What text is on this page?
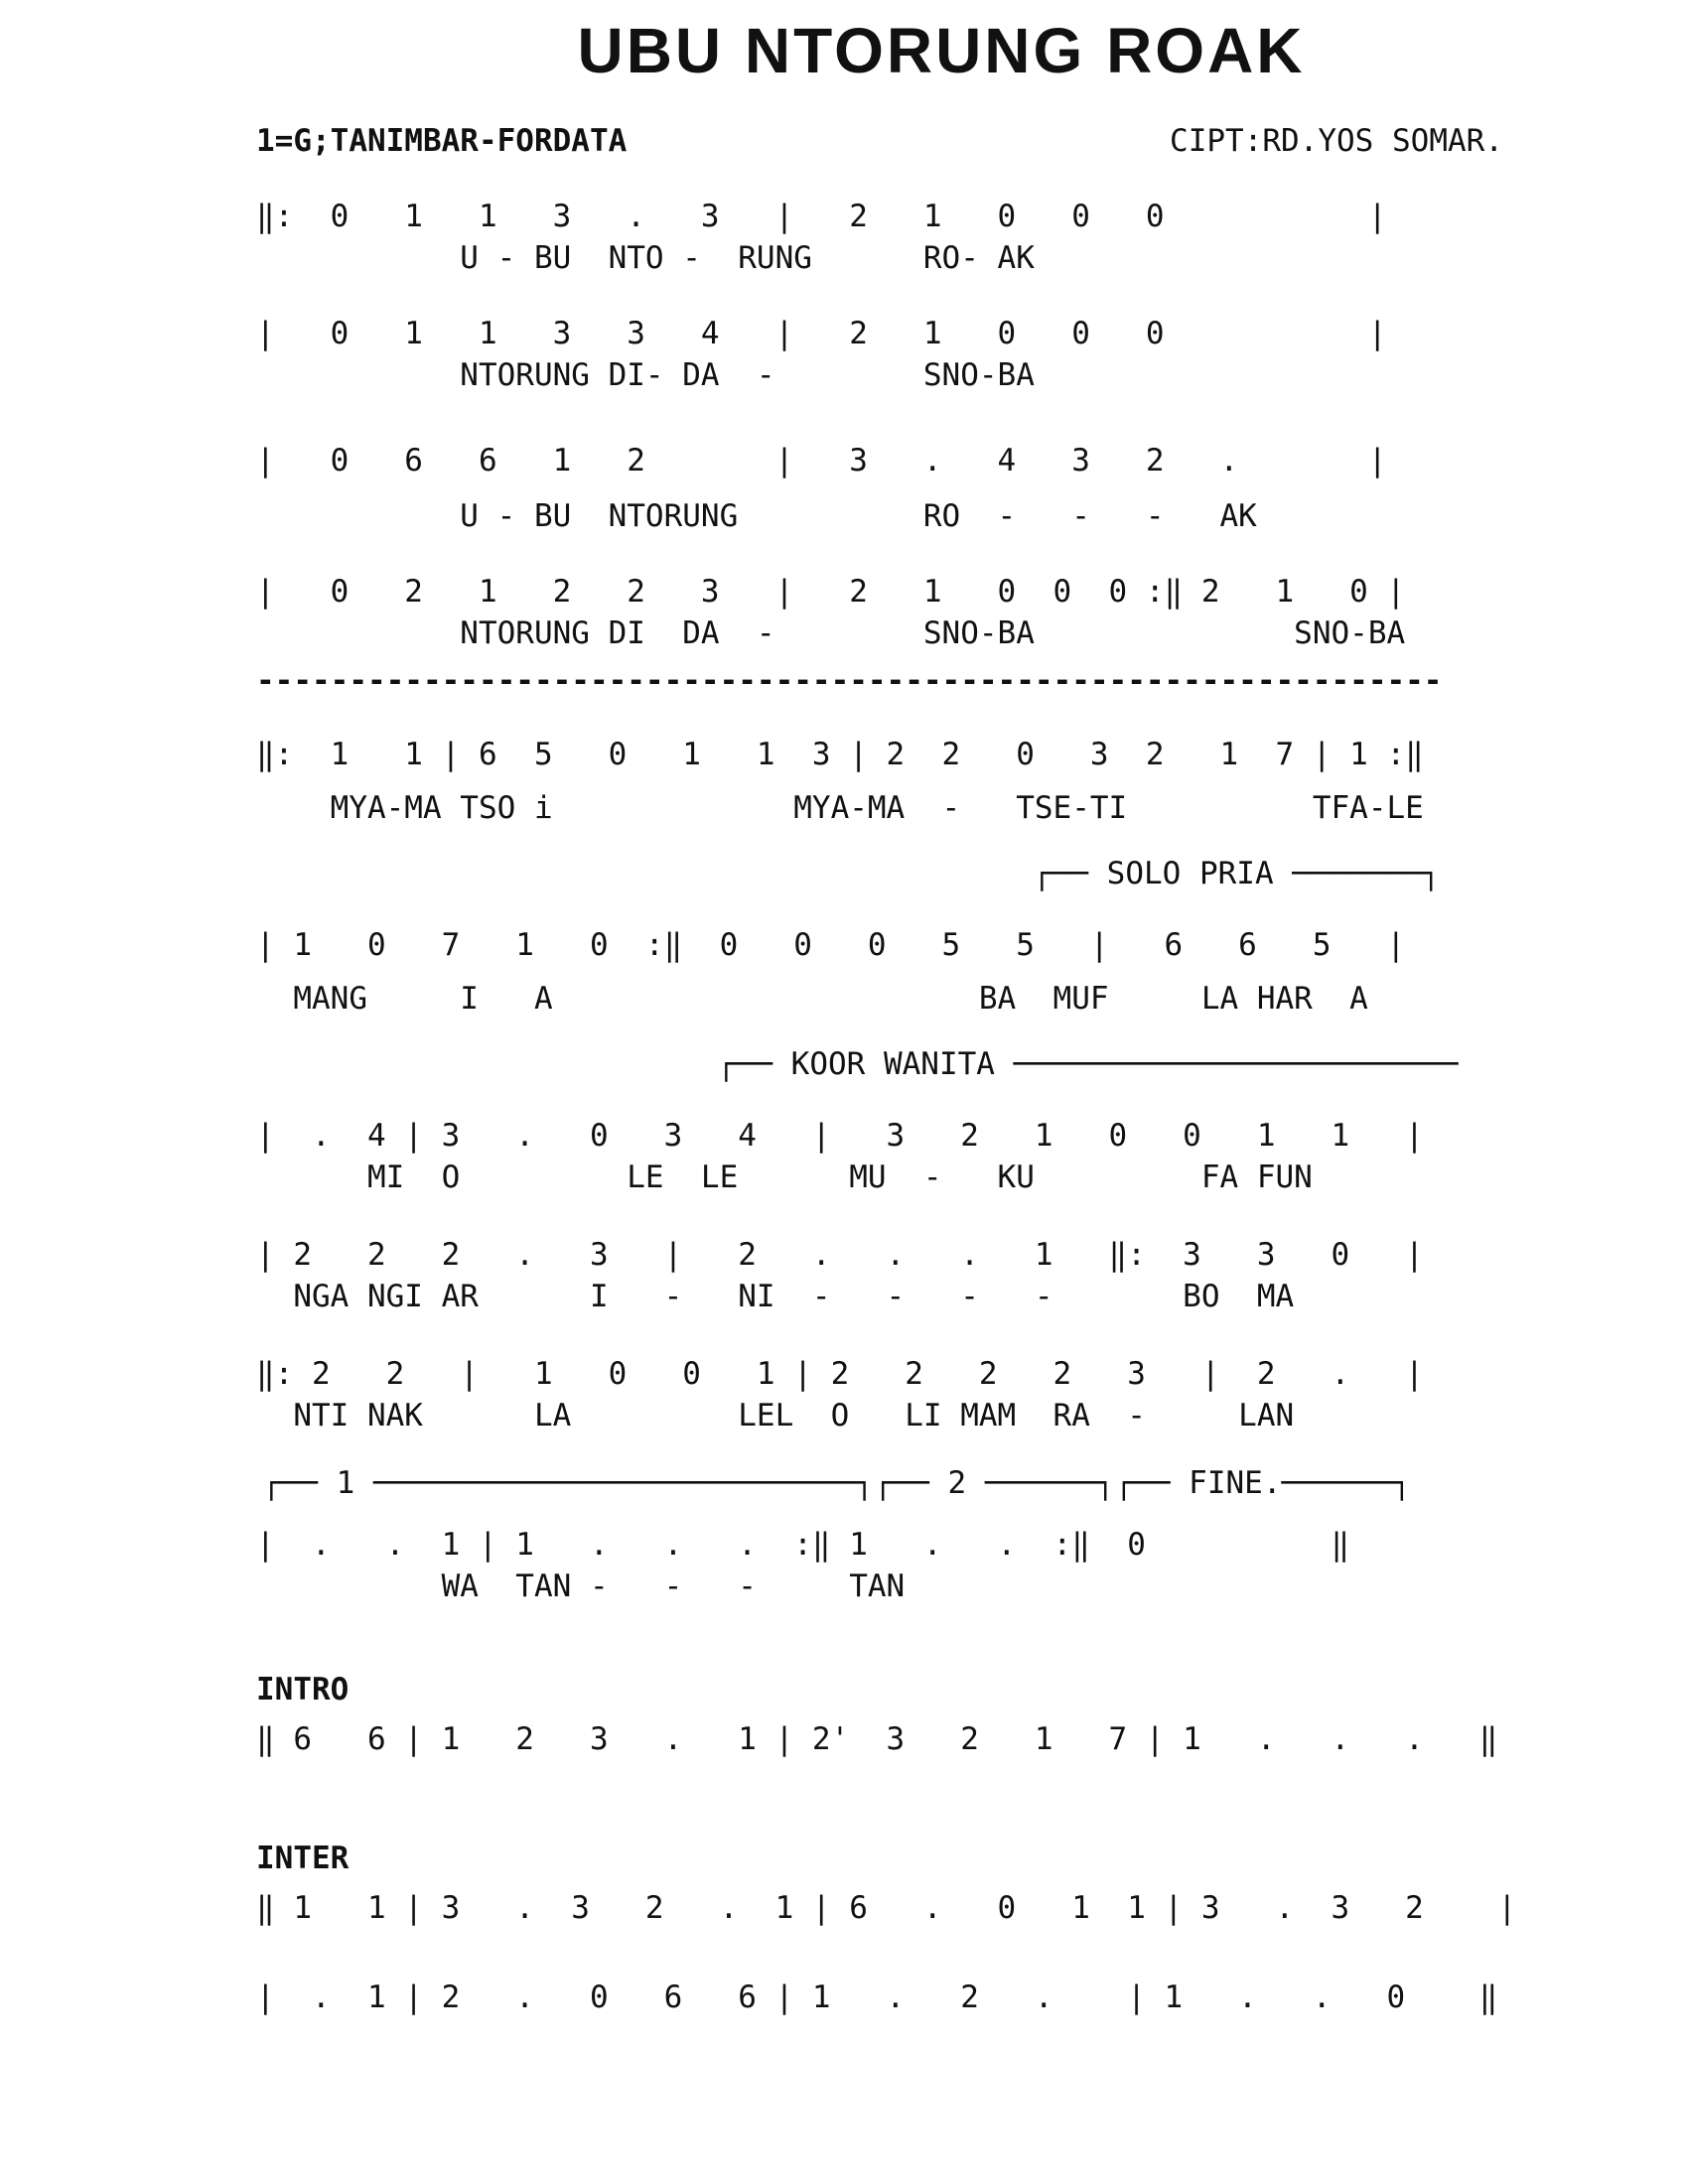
UBU NTORUNG ROAK
1=G;TANIMBAR-FORDATA	CIPT:RD.YOS SOMAR.
‖:  0   1   1   3   .   3   |   2   1   0   0   0           |
U - BU  NTO -  RUNG      RO- AK
|   0   1   1   3   3   4   |   2   1   0   0   0           |
NTORUNG DI- DA  -        SNO-BA
|   0   6   6   1   2       |   3   .   4   3   2   .       |
U - BU  NTORUNG          RO  -   -   -   AK
|   0   2   1   2   2   3   |   2   1   0  0  0 :‖ 2   1   0 |
NTORUNG DI  DA  -        SNO-BA              SNO-BA
----------------------------------------------------------------
‖:  1   1 | 6  5   0   1   1  3 | 2  2   0   3  2   1  7 | 1 :‖
MYA-MA TSO i             MYA-MA  -   TSE-TI          TFA-LE
┌── SOLO PRIA ───────┐
| 1   0   7   1   0  :‖  0   0   0   5   5   |   6   6   5   |
MANG     I   A                       BA  MUF     LA HAR  A
┌── KOOR WANITA ────────────────────────
|  .  4 | 3   .   0   3   4   |   3   2   1   0   0   1   1   |
MI  O         LE  LE      MU  -   KU         FA FUN
| 2   2   2   .   3   |   2   .   .   .   1   ‖:  3   3   0   |
NGA NGI AR      I   -   NI  -   -   -   -       BO  MA
‖: 2   2   |   1   0   0   1 | 2   2   2   2   3   |  2   .   |
NTI NAK      LA         LEL  O   LI MAM  RA  -     LAN
┌── 1 ──────────────────────────┐┌── 2 ──────┐┌── FINE.──────┐
|  .   .  1 | 1   .   .   .  :‖ 1   .   .  :‖  0          ‖
WA  TAN -   -   -     TAN
INTRO
‖ 6   6 | 1   2   3   .   1 | 2'  3   2   1   7 | 1   .   .   .   ‖
INTER
‖ 1   1 | 3   .  3   2   .  1 | 6   .   0   1  1 | 3   .  3   2    |
|  .  1 | 2   .   0   6   6 | 1   .   2   .    | 1   .   .   0    ‖
